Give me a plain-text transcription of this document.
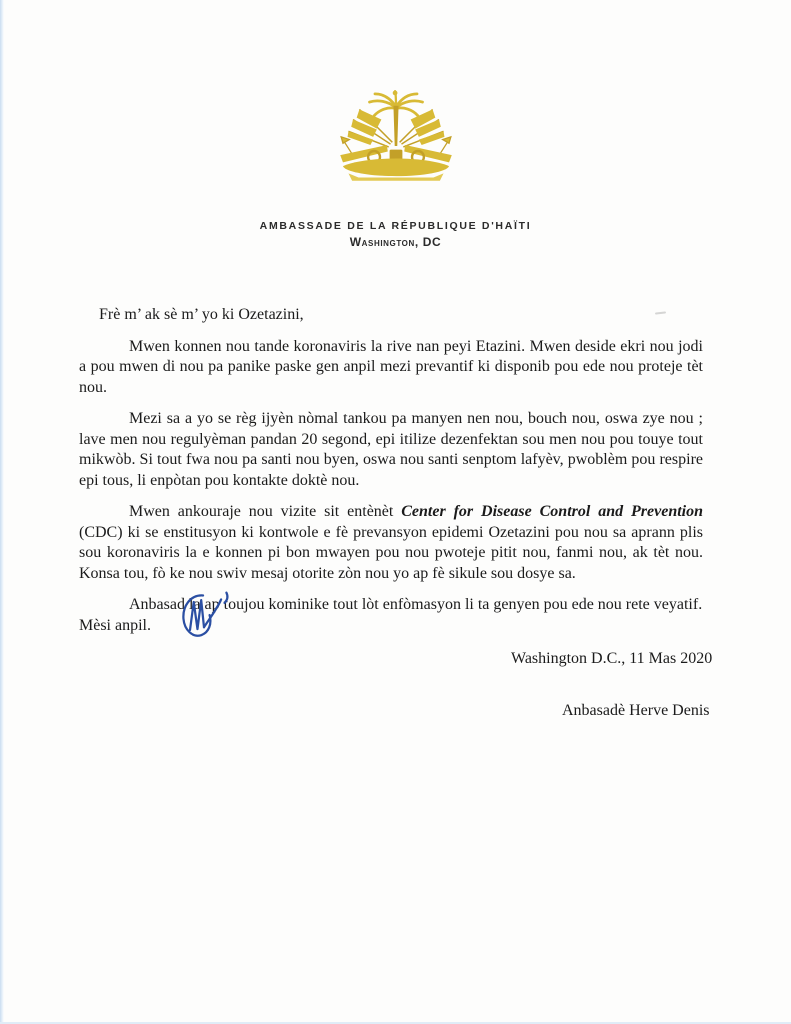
AMBASSADE DE LA RÉPUBLIQUE D'HAÏTI
Washington, DC

Frè m’ ak sè m’ yo ki Ozetazini,

Mwen konnen nou tande koronaviris la rive nan peyi Etazini. Mwen deside ekri nou jodi a pou mwen di nou pa panike paske gen anpil mezi prevantif ki disponib pou ede nou proteje tèt nou.

Mezi sa a yo se règ ijyèn nòmal tankou pa manyen nen nou, bouch nou, oswa zye nou ; lave men nou regulyèman pandan 20 segond, epi itilize dezenfektan sou men nou pou touye tout mikwòb. Si tout fwa nou pa santi nou byen, oswa nou santi senptom lafyèv, pwoblèm pou respire epi tous, li enpòtan pou kontakte doktè nou.

Mwen ankouraje nou vizite sit entènèt Center for Disease Control and Prevention (CDC) ki se enstitusyon ki kontwole e fè prevansyon epidemi Ozetazini pou nou sa aprann plis sou koronaviris la e konnen pi bon mwayen pou nou pwoteje pitit nou, fanmi nou, ak tèt nou. Konsa tou, fò ke nou swiv mesaj otorite zòn nou yo ap fè sikule sou dosye sa.

Anbasad la ap toujou kominike tout lòt enfòmasyon li ta genyen pou ede nou rete veyatif.
Mèsi anpil.

Washington D.C., 11 Mas 2020
Anbasadè Herve Denis
